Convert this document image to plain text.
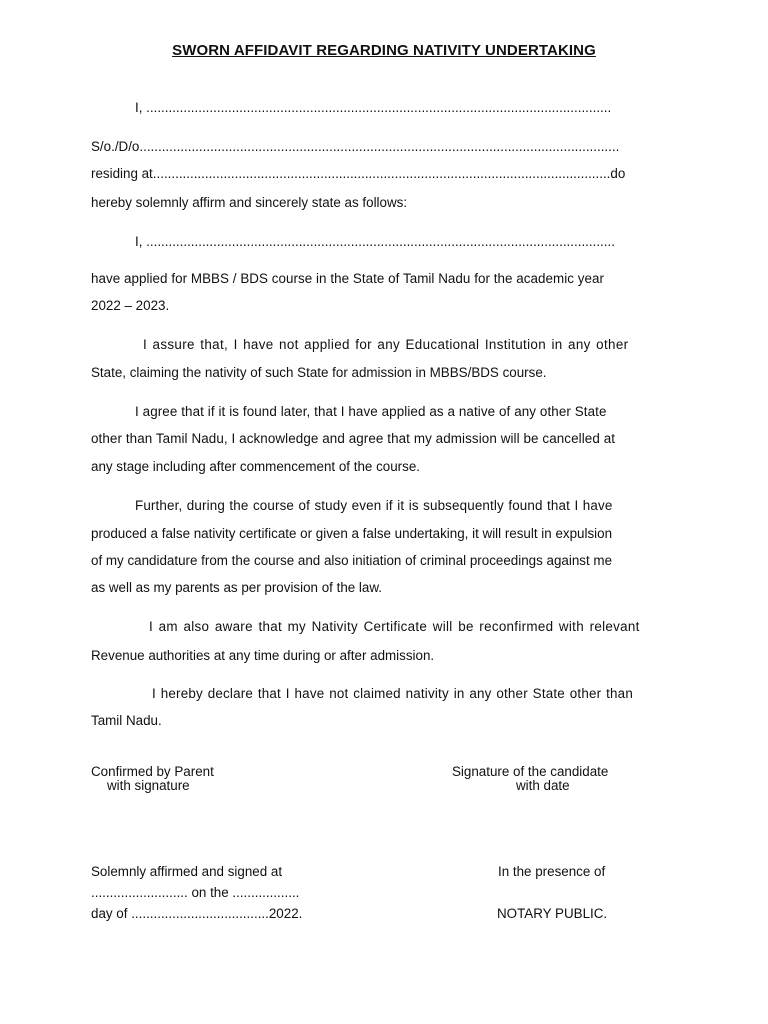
SWORN AFFIDAVIT REGARDING NATIVITY UNDERTAKING
I, .............................................................................................................................
S/o./D/o.................................................................................................................................
residing at...........................................................................................................................do
hereby solemnly affirm and sincerely state as follows:
I, ..............................................................................................................................
have applied for MBBS / BDS course in the State of Tamil Nadu for the academic year
2022 – 2023.
I assure that, I have not applied for any Educational Institution in any other
State, claiming the nativity of such State for admission in MBBS/BDS course.
I agree that if it is found later, that I have applied as a native of any other State
other than Tamil Nadu, I acknowledge and agree that my admission will be cancelled at
any stage including after commencement of the course.
Further, during the course of study even if it is subsequently found that I have
produced a false nativity certificate or given a false undertaking, it will result in expulsion
of my candidature from the course and also initiation of criminal proceedings against me
as well as my parents as per provision of the law.
I am also aware that my Nativity Certificate will be reconfirmed with relevant
Revenue authorities at any time during or after admission.
I hereby declare that I have not claimed nativity in any other State other than
Tamil Nadu.
Confirmed by Parent
with signature
Signature of the candidate
with date
Solemnly affirmed and signed at
.......................... on the ..................
day of .....................................2022.
In the presence of
NOTARY PUBLIC.
